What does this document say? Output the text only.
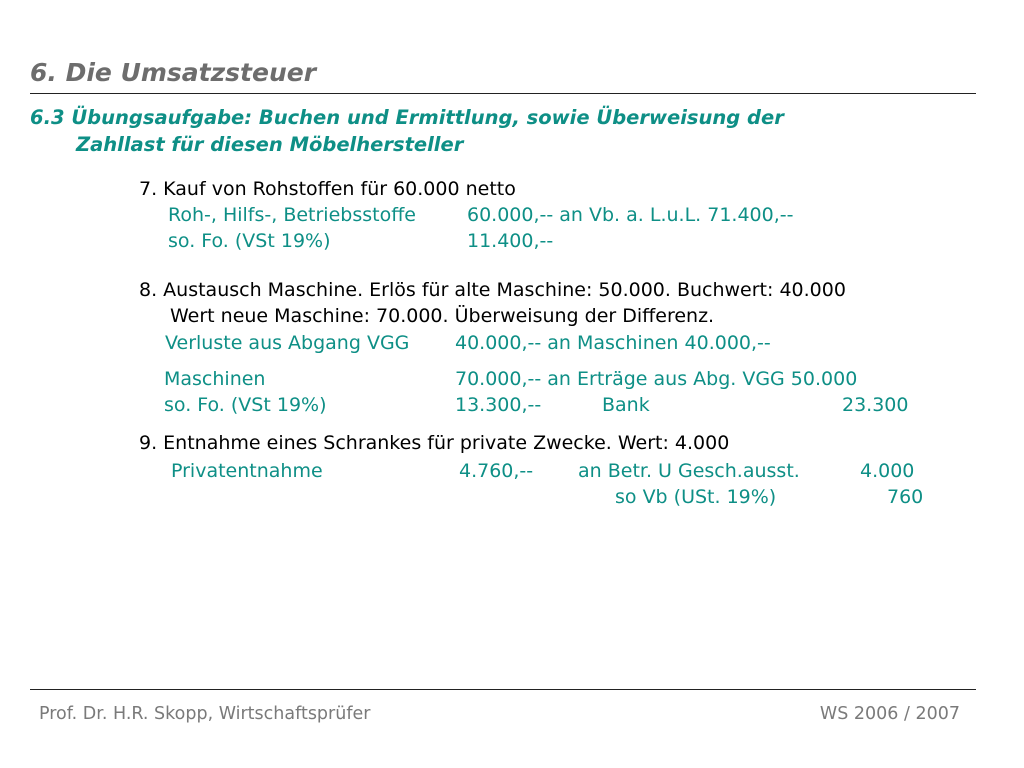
6. Die Umsatzsteuer
6.3 Übungsaufgabe: Buchen und Ermittlung, sowie Überweisung der
Zahllast für diesen Möbelhersteller
7. Kauf von Rohstoffen für 60.000 netto
Roh-, Hilfs-, Betriebsstoffe	60.000,-- an Vb. a. L.u.L. 71.400,--
so. Fo. (VSt 19%)	11.400,--
8. Austausch Maschine. Erlös für alte Maschine: 50.000. Buchwert: 40.000
Wert neue Maschine: 70.000. Überweisung der Differenz.
Verluste aus Abgang VGG 40.000,-- an Maschinen 40.000,--
Maschinen	70.000,-- an Erträge aus Abg. VGG 50.000
so. Fo. (VSt 19%)	13.300,--	Bank	23.300
9. Entnahme eines Schrankes für private Zwecke. Wert: 4.000
Privatentnahme	4.760,-- an Betr. U Gesch.ausst.	4.000
so Vb (USt. 19%)	760
Prof. Dr. H.R. Skopp, Wirtschaftsprüfer	WS 2006 / 2007
